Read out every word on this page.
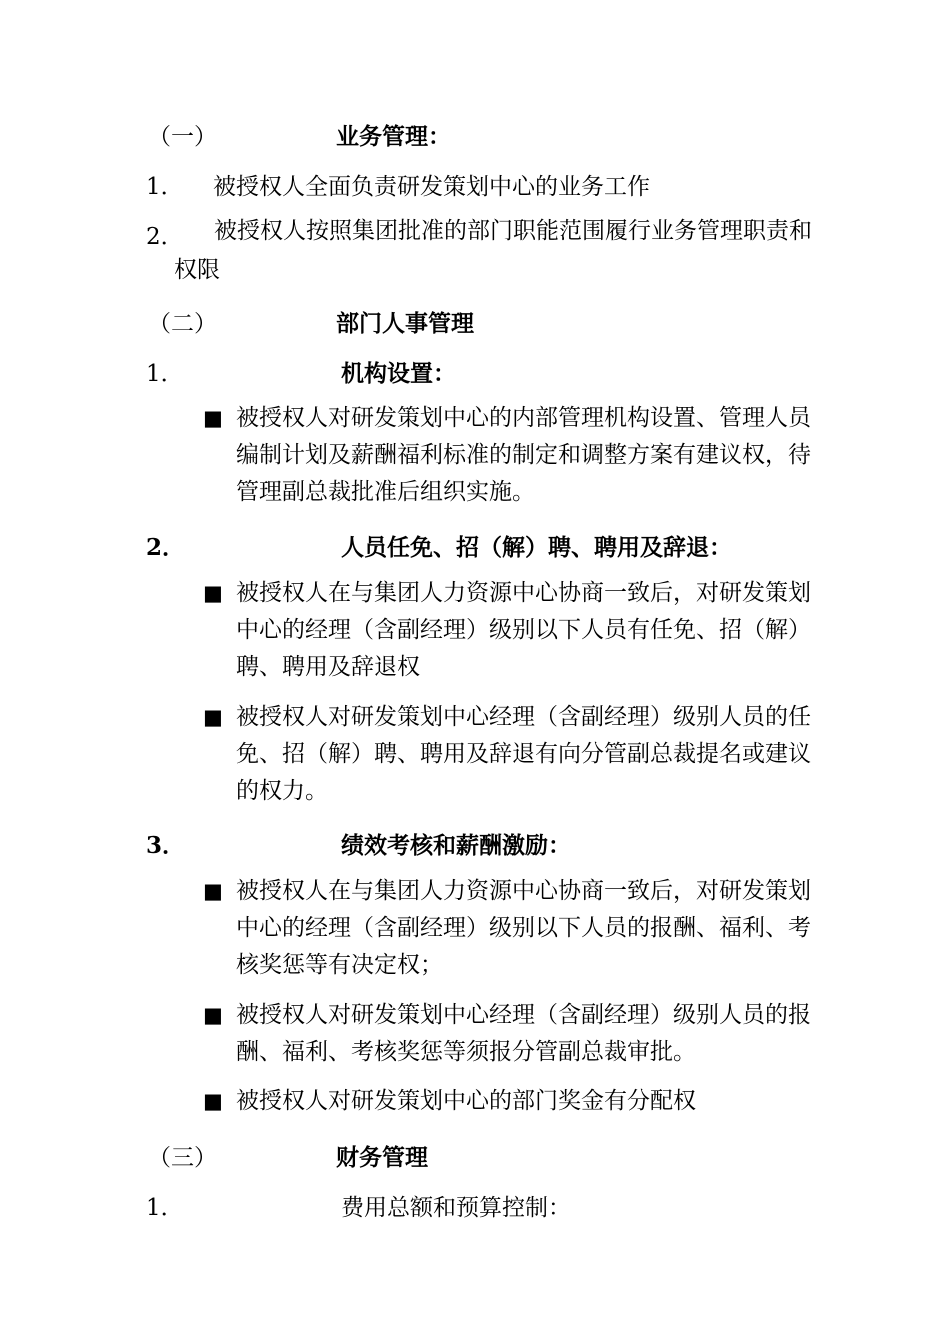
（一）	业务管理：
1． 被授权人全面负责研发策划中心的业务工作
2．	被授权人按照集团批准的部门职能范围履行业务管理职责和权限
（二）	部门人事管理
1．	机构设置：
■ 被授权人对研发策划中心的内部管理机构设置、管理人员编制计划及薪酬福利标准的制定和调整方案有建议权，待管理副总裁批准后组织实施。
2．	人员任免、招（解）聘、聘用及辞退：
■ 被授权人在与集团人力资源中心协商一致后，对研发策划中心的经理（含副经理）级别以下人员有任免、招（解）聘、聘用及辞退权
■ 被授权人对研发策划中心经理（含副经理）级别人员的任免、招（解）聘、聘用及辞退有向分管副总裁提名或建议的权力。
3．	绩效考核和薪酬激励：
■ 被授权人在与集团人力资源中心协商一致后，对研发策划中心的经理（含副经理）级别以下人员的报酬、福利、考核奖惩等有决定权；
■ 被授权人对研发策划中心经理（含副经理）级别人员的报酬、福利、考核奖惩等须报分管副总裁审批。
■ 被授权人对研发策划中心的部门奖金有分配权
（三）	财务管理
1．	费用总额和预算控制：
